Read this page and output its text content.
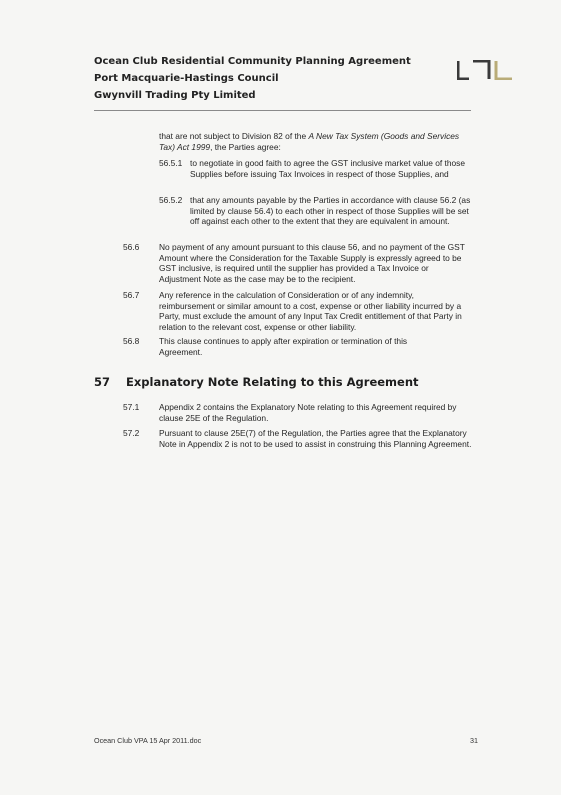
Ocean Club Residential Community Planning Agreement
Port Macquarie-Hastings Council
Gwynvill Trading Pty Limited
that are not subject to Division 82 of the A New Tax System (Goods and Services Tax) Act 1999, the Parties agree:
56.5.1 to negotiate in good faith to agree the GST inclusive market value of those Supplies before issuing Tax Invoices in respect of those Supplies, and
56.5.2 that any amounts payable by the Parties in accordance with clause 56.2 (as limited by clause 56.4) to each other in respect of those Supplies will be set off against each other to the extent that they are equivalent in amount.
56.6 No payment of any amount pursuant to this clause 56, and no payment of the GST Amount where the Consideration for the Taxable Supply is expressly agreed to be GST inclusive, is required until the supplier has provided a Tax Invoice or Adjustment Note as the case may be to the recipient.
56.7 Any reference in the calculation of Consideration or of any indemnity, reimbursement or similar amount to a cost, expense or other liability incurred by a Party, must exclude the amount of any Input Tax Credit entitlement of that Party in relation to the relevant cost, expense or other liability.
56.8 This clause continues to apply after expiration or termination of this Agreement.
57 Explanatory Note Relating to this Agreement
57.1 Appendix 2 contains the Explanatory Note relating to this Agreement required by clause 25E of the Regulation.
57.2 Pursuant to clause 25E(7) of the Regulation, the Parties agree that the Explanatory Note in Appendix 2 is not to be used to assist in construing this Planning Agreement.
Ocean Club VPA 15 Apr 2011.doc	31
